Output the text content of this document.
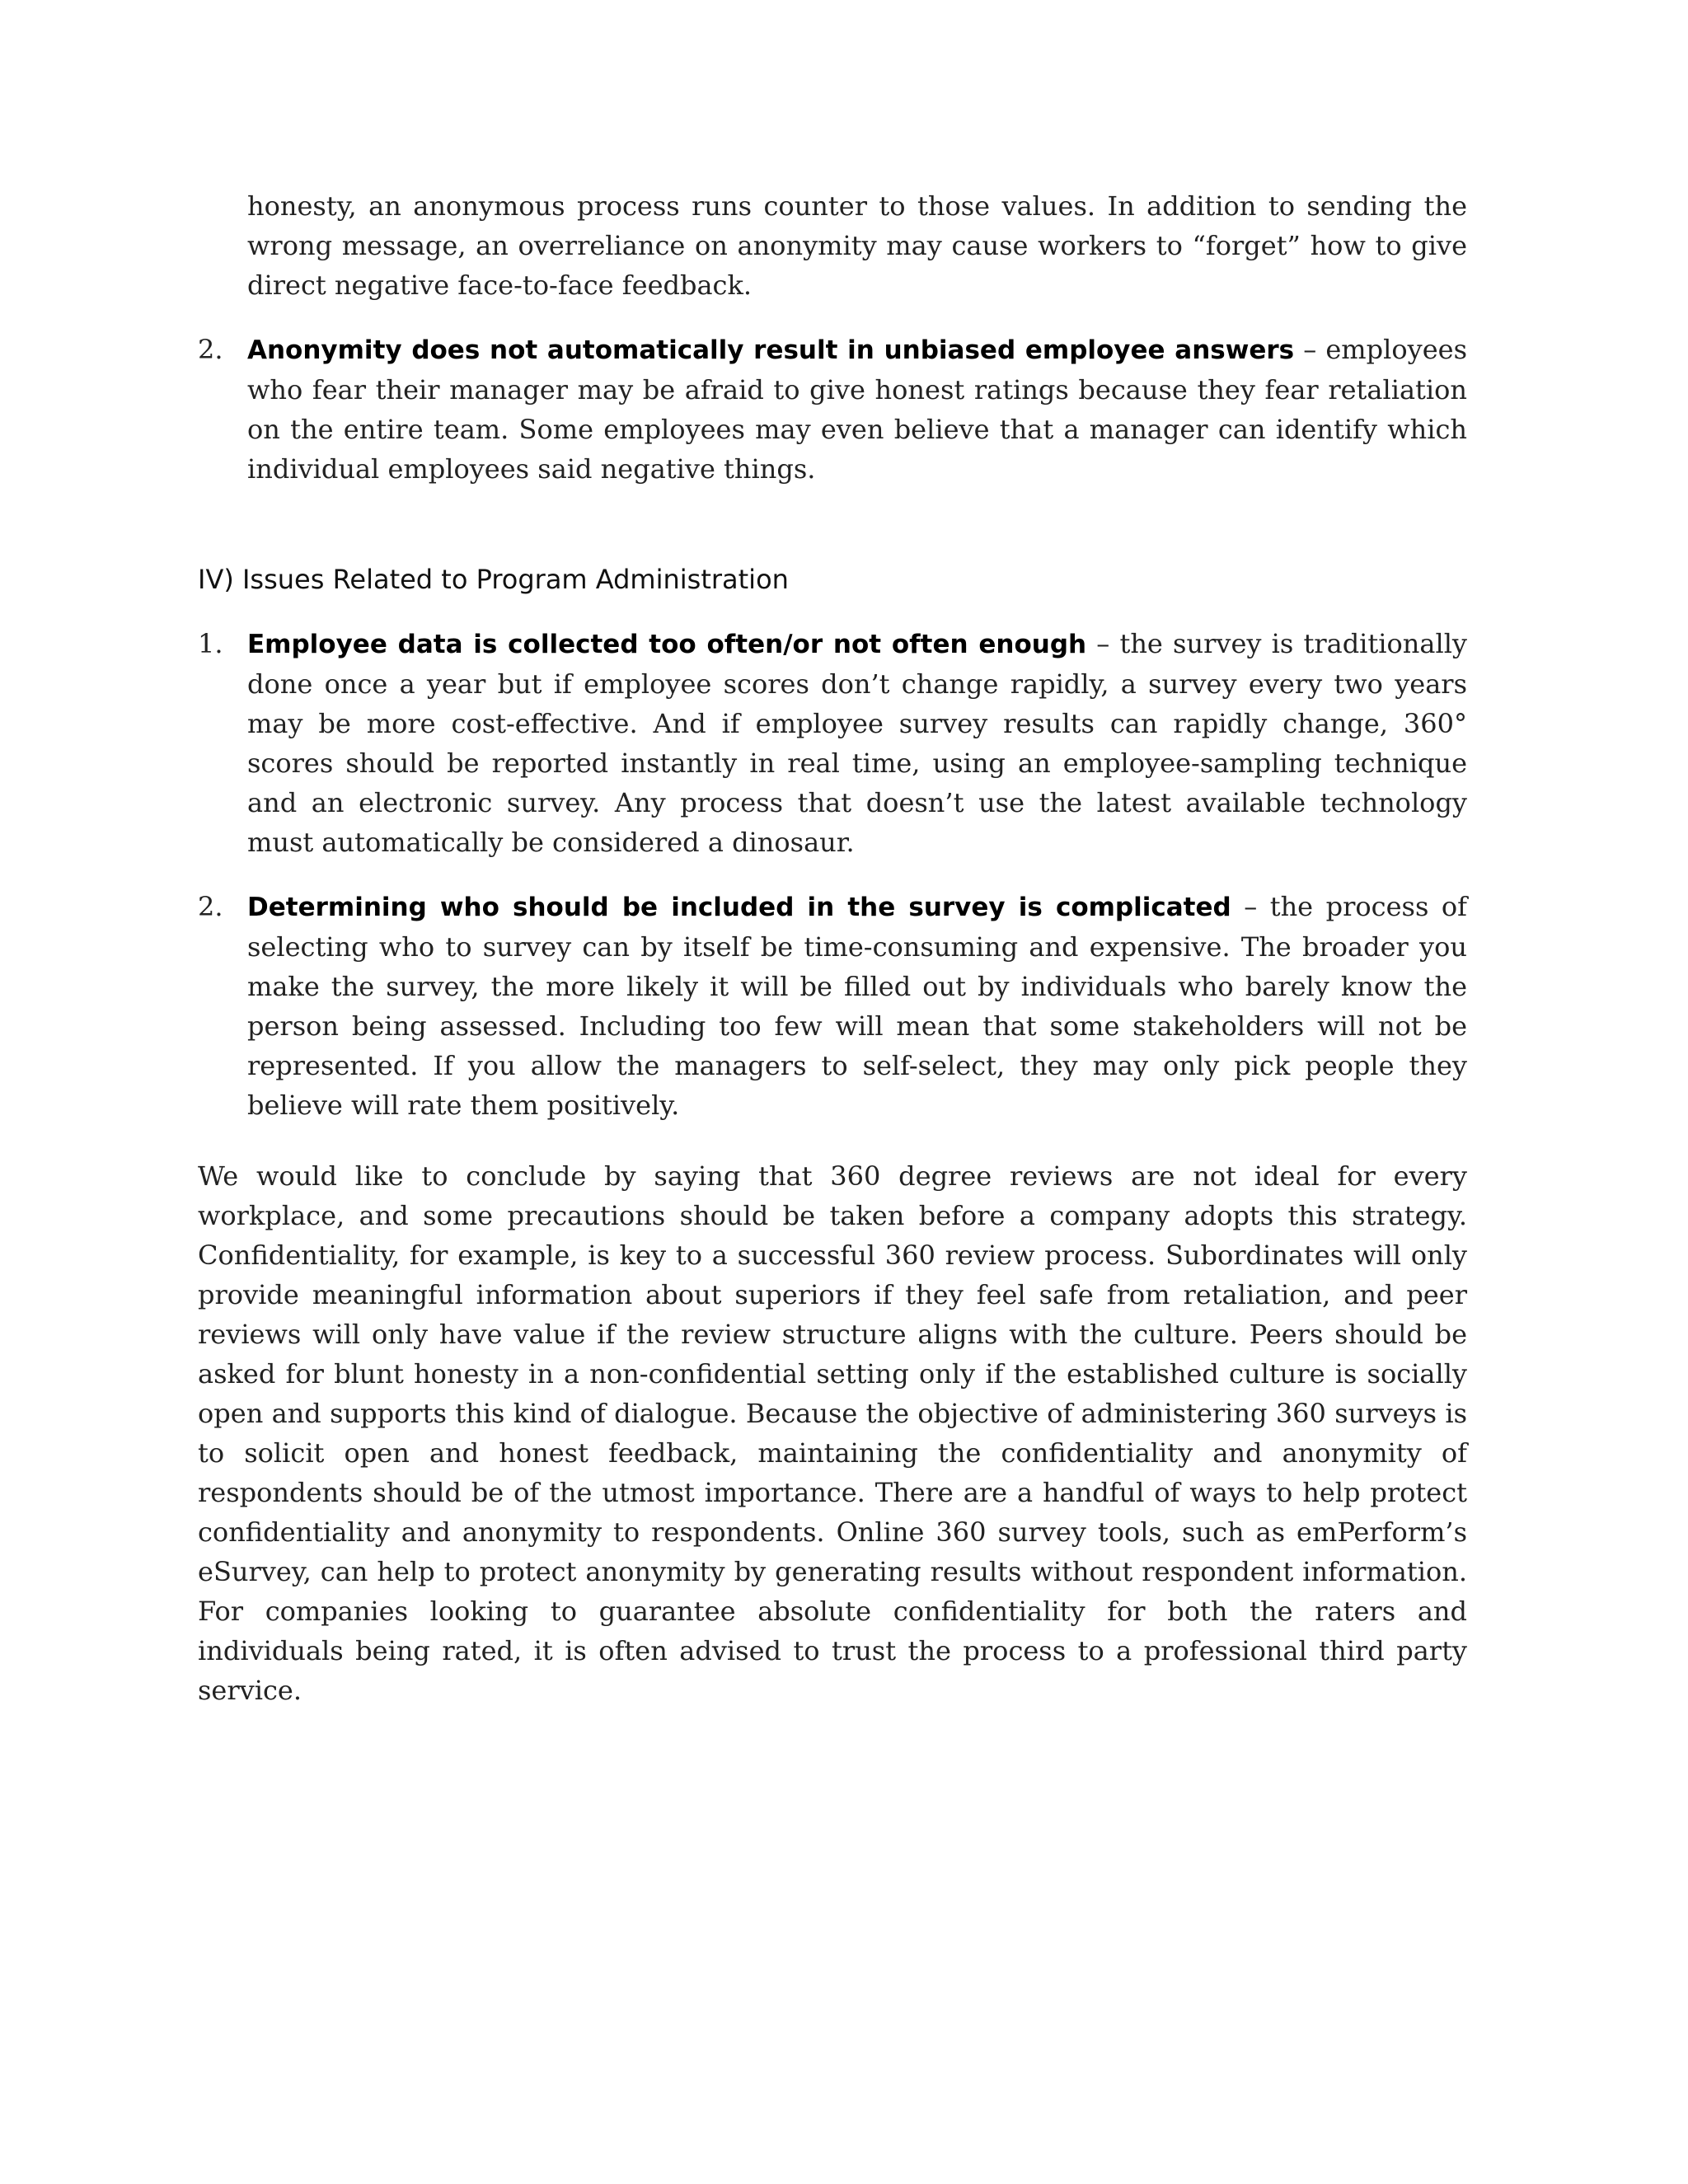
honesty, an anonymous process runs counter to those values. In addition to sending the wrong message, an overreliance on anonymity may cause workers to “forget” how to give direct negative face-to-face feedback.

2. Anonymity does not automatically result in unbiased employee answers – employees who fear their manager may be afraid to give honest ratings because they fear retaliation on the entire team. Some employees may even believe that a manager can identify which individual employees said negative things.

IV) Issues Related to Program Administration

1. Employee data is collected too often/or not often enough – the survey is traditionally done once a year but if employee scores don’t change rapidly, a survey every two years may be more cost-effective. And if employee survey results can rapidly change, 360° scores should be reported instantly in real time, using an employee-sampling technique and an electronic survey. Any process that doesn’t use the latest available technology must automatically be considered a dinosaur.
2. Determining who should be included in the survey is complicated – the process of selecting who to survey can by itself be time-consuming and expensive. The broader you make the survey, the more likely it will be filled out by individuals who barely know the person being assessed. Including too few will mean that some stakeholders will not be represented. If you allow the managers to self-select, they may only pick people they believe will rate them positively.

We would like to conclude by saying that 360 degree reviews are not ideal for every workplace, and some precautions should be taken before a company adopts this strategy. Confidentiality, for example, is key to a successful 360 review process. Subordinates will only provide meaningful information about superiors if they feel safe from retaliation, and peer reviews will only have value if the review structure aligns with the culture. Peers should be asked for blunt honesty in a non-confidential setting only if the established culture is socially open and supports this kind of dialogue. Because the objective of administering 360 surveys is to solicit open and honest feedback, maintaining the confidentiality and anonymity of respondents should be of the utmost importance. There are a handful of ways to help protect confidentiality and anonymity to respondents. Online 360 survey tools, such as emPerform’s eSurvey, can help to protect anonymity by generating results without respondent information. For companies looking to guarantee absolute confidentiality for both the raters and individuals being rated, it is often advised to trust the process to a professional third party service.
